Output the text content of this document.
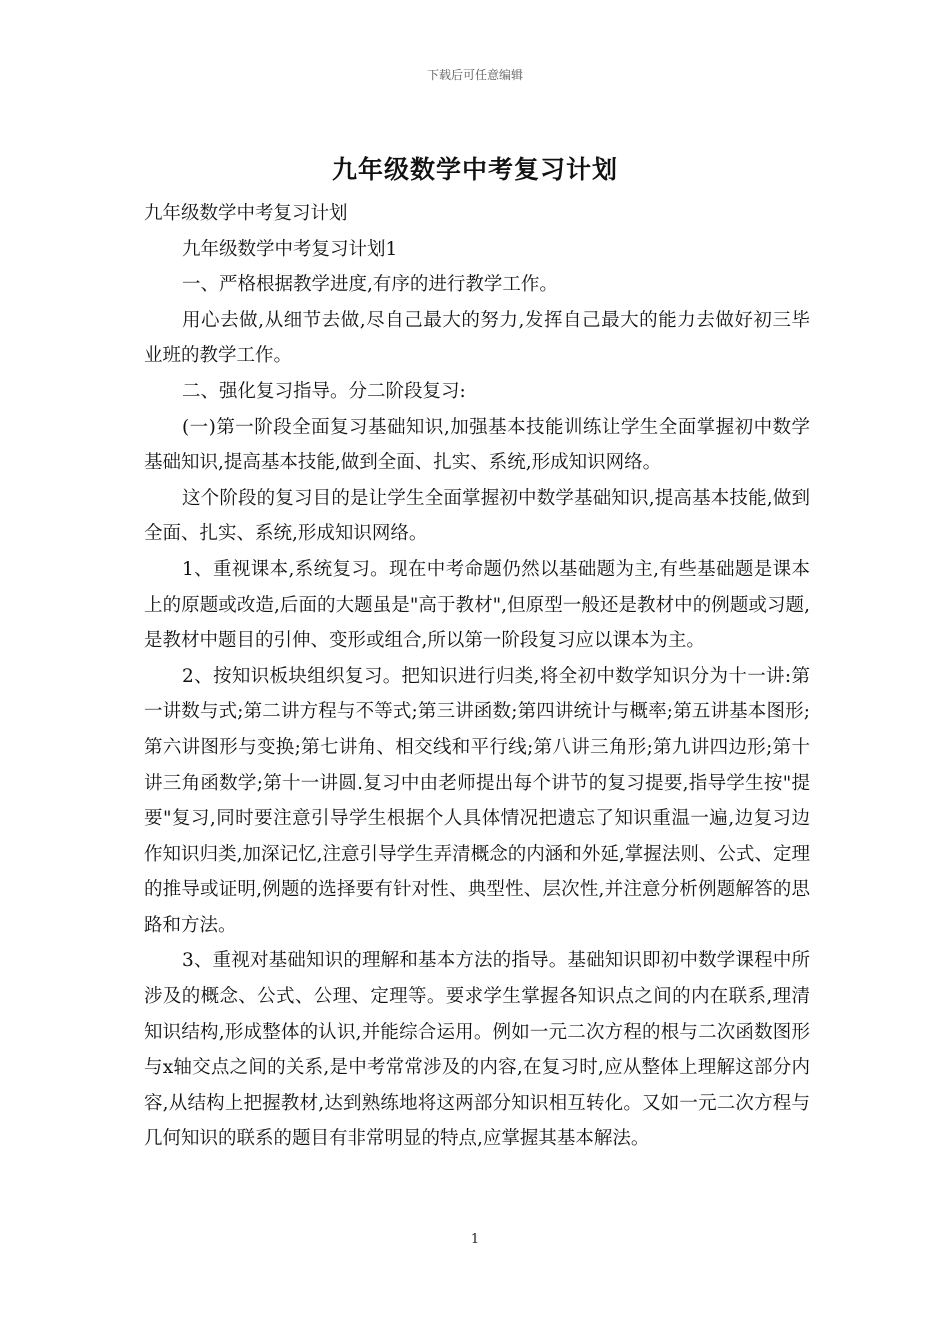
下载后可任意编辑
九年级数学中考复习计划

九年级数学中考复习计划

九年级数学中考复习计划1

一、严格根据教学进度,有序的进行教学工作。

用心去做,从细节去做,尽自己最大的努力,发挥自己最大的能力去做好初三毕业班的教学工作。

二、强化复习指导。分二阶段复习:

(一)第一阶段全面复习基础知识,加强基本技能训练让学生全面掌握初中数学基础知识,提高基本技能,做到全面、扎实、系统,形成知识网络。

这个阶段的复习目的是让学生全面掌握初中数学基础知识,提高基本技能,做到全面、扎实、系统,形成知识网络。

1、重视课本,系统复习。现在中考命题仍然以基础题为主,有些基础题是课本上的原题或改造,后面的大题虽是"高于教材",但原型一般还是教材中的例题或习题,是教材中题目的引伸、变形或组合,所以第一阶段复习应以课本为主。

2、按知识板块组织复习。把知识进行归类,将全初中数学知识分为十一讲:第一讲数与式;第二讲方程与不等式;第三讲函数;第四讲统计与概率;第五讲基本图形;第六讲图形与变换;第七讲角、相交线和平行线;第八讲三角形;第九讲四边形;第十讲三角函数学;第十一讲圆.复习中由老师提出每个讲节的复习提要,指导学生按"提要"复习,同时要注意引导学生根据个人具体情况把遗忘了知识重温一遍,边复习边作知识归类,加深记忆,注意引导学生弄清概念的内涵和外延,掌握法则、公式、定理的推导或证明,例题的选择要有针对性、典型性、层次性,并注意分析例题解答的思路和方法。

3、重视对基础知识的理解和基本方法的指导。基础知识即初中数学课程中所涉及的概念、公式、公理、定理等。要求学生掌握各知识点之间的内在联系,理清知识结构,形成整体的认识,并能综合运用。例如一元二次方程的根与二次函数图形与x轴交点之间的关系,是中考常常涉及的内容,在复习时,应从整体上理解这部分内容,从结构上把握教材,达到熟练地将这两部分知识相互转化。又如一元二次方程与几何知识的联系的题目有非常明显的特点,应掌握其基本解法。

1
